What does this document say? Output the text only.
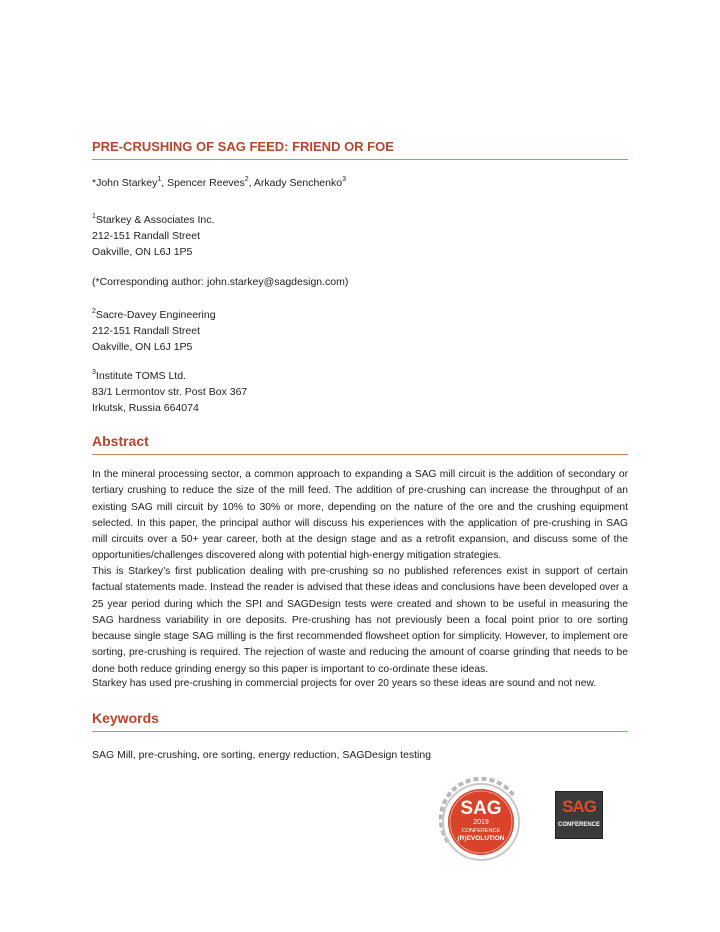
PRE-CRUSHING OF SAG FEED: FRIEND OR FOE
*John Starkey$^1$, Spencer Reeves$^2$, Arkady Senchenko$^3$
$^1$Starkey & Associates Inc.
212-151 Randall Street
Oakville, ON L6J 1P5
(*Corresponding author: john.starkey@sagdesign.com)
$^2$Sacre-Davey Engineering
212-151 Randall Street
Oakville, ON L6J 1P5
$^3$Institute TOMS Ltd.
83/1 Lermontov str. Post Box 367
Irkutsk, Russia 664074
Abstract

In the mineral processing sector, a common approach to expanding a SAG mill circuit is the addition of secondary or tertiary crushing to reduce the size of the mill feed. The addition of pre-crushing can increase the throughput of an existing SAG mill circuit by 10% to 30% or more, depending on the nature of the ore and the crushing equipment selected. In this paper, the principal author will discuss his experiences with the application of pre-crushing in SAG mill circuits over a 50+ year career, both at the design stage and as a retrofit expansion, and discuss some of the opportunities/challenges discovered along with potential high-energy mitigation strategies.

This is Starkey’s first publication dealing with pre-crushing so no published references exist in support of certain factual statements made. Instead the reader is advised that these ideas and conclusions have been developed over a 25 year period during which the SPI and SAGDesign tests were created and shown to be useful in measuring the SAG hardness variability in ore deposits. Pre-crushing has not previously been a focal point prior to ore sorting because single stage SAG milling is the first recommended flowsheet option for simplicity. However, to implement ore sorting, pre-crushing is required. The rejection of waste and reducing the amount of coarse grinding that needs to be done both reduce grinding energy so this paper is important to co-ordinate these ideas.

Starkey has used pre-crushing in commercial projects for over 20 years so these ideas are sound and not new.

Keywords
SAG Mill, pre-crushing, ore sorting, energy reduction, SAGDesign testing
SAG
2019
CONFERENCE
(R)EVOLUTION
SAG
CONFERENCE
